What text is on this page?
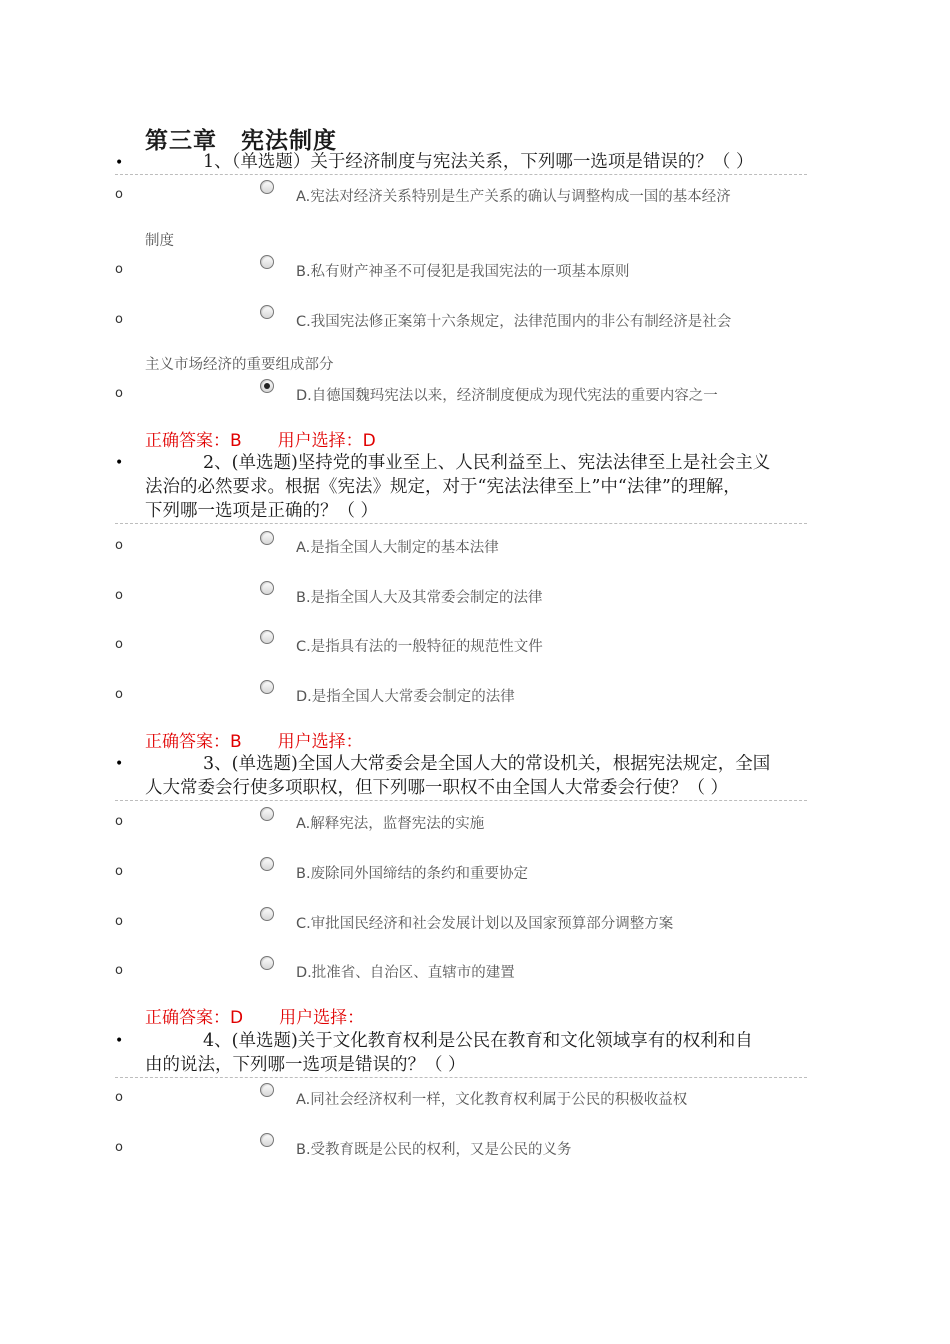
第三章　宪法制度
•	1、（单选题）关于经济制度与宪法关系，下列哪一选项是错误的？（ ）
o	A.宪法对经济关系特别是生产关系的确认与调整构成一国的基本经济
制度
o	B.私有财产神圣不可侵犯是我国宪法的一项基本原则
o	C.我国宪法修正案第十六条规定，法律范围内的非公有制经济是社会
主义市场经济的重要组成部分
o	D.自德国魏玛宪法以来，经济制度便成为现代宪法的重要内容之一
正确答案：B 用户选择：D
•	2、(单选题)坚持党的事业至上、人民利益至上、宪法法律至上是社会主义
法治的必然要求。根据《宪法》规定，对于“宪法法律至上”中“法律”的理解，
下列哪一选项是正确的？（ ）
o	A.是指全国人大制定的基本法律
o	B.是指全国人大及其常委会制定的法律
o	C.是指具有法的一般特征的规范性文件
o	D.是指全国人大常委会制定的法律
正确答案：B 用户选择：
•	3、(单选题)全国人大常委会是全国人大的常设机关，根据宪法规定，全国
人大常委会行使多项职权，但下列哪一职权不由全国人大常委会行使？（ ）
o	A.解释宪法，监督宪法的实施
o	B.废除同外国缔结的条约和重要协定
o	C.审批国民经济和社会发展计划以及国家预算部分调整方案
o	D.批准省、自治区、直辖市的建置
正确答案：D 用户选择：
•	4、(单选题)关于文化教育权利是公民在教育和文化领域享有的权利和自
由的说法，下列哪一选项是错误的？（ ）
o	A.同社会经济权利一样，文化教育权利属于公民的积极收益权
o	B.受教育既是公民的权利，又是公民的义务
